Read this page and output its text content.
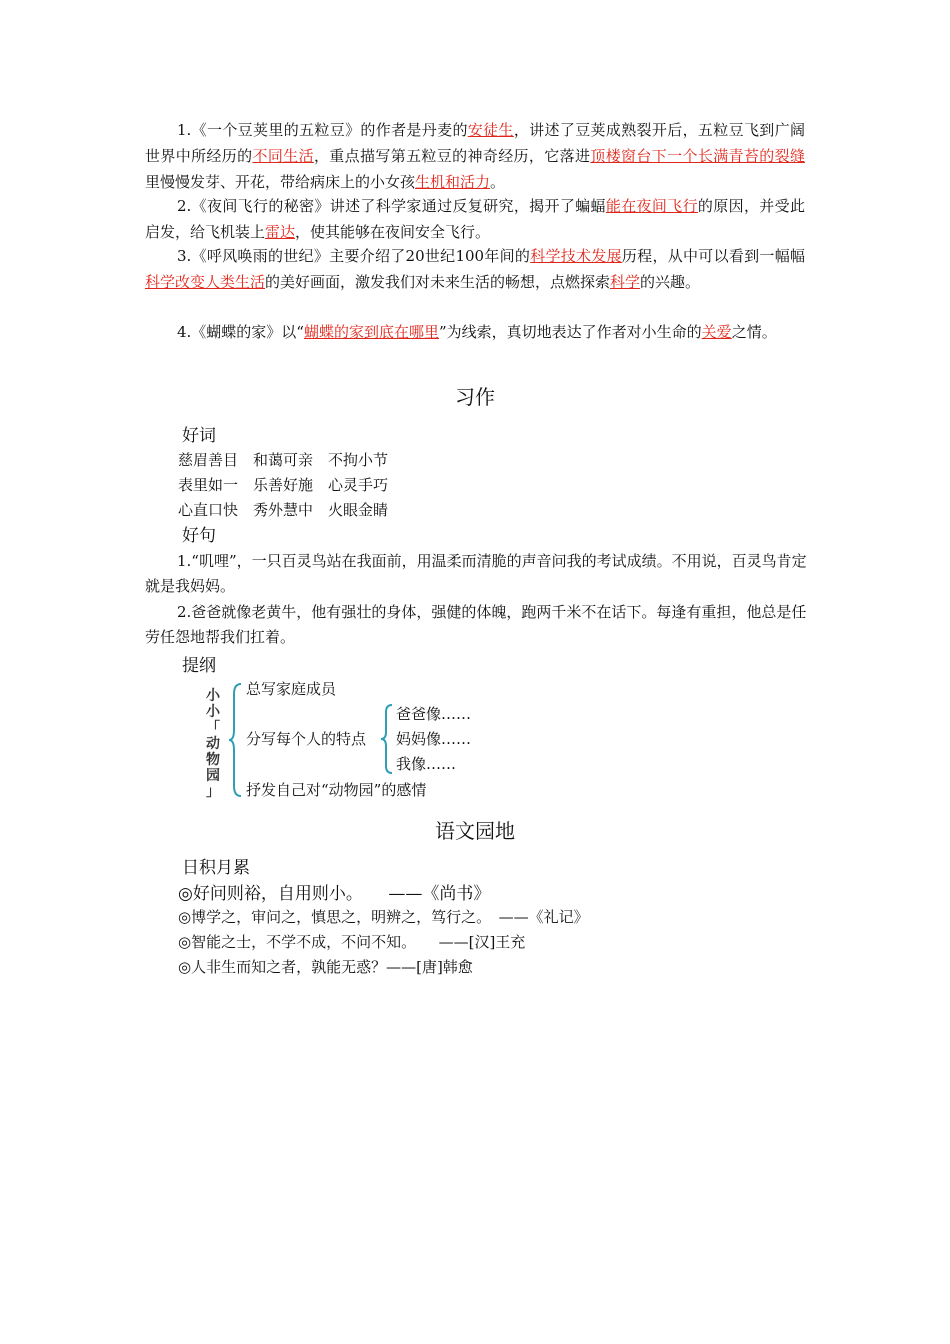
1.《一个豆荚里的五粒豆》的作者是丹麦的安徒生，讲述了豆荚成熟裂开后，五粒豆飞到广阔世界中所经历的不同生活，重点描写第五粒豆的神奇经历，它落进顶楼窗台下一个长满青苔的裂缝里慢慢发芽、开花，带给病床上的小女孩生机和活力。

2.《夜间飞行的秘密》讲述了科学家通过反复研究，揭开了蝙蝠能在夜间飞行的原因，并受此启发，给飞机装上雷达，使其能够在夜间安全飞行。

3.《呼风唤雨的世纪》主要介绍了20世纪100年间的科学技术发展历程，从中可以看到一幅幅科学改变人类生活的美好画面，激发我们对未来生活的畅想，点燃探索科学的兴趣。

4.《蝴蝶的家》以“蝴蝶的家到底在哪里”为线索，真切地表达了作者对小生命的关爱之情。

习作
好词

慈眉善目　和蔼可亲　不拘小节

表里如一　乐善好施　心灵手巧

心直口快　秀外慧中　火眼金睛

好句

1.“叽哩”，一只百灵鸟站在我面前，用温柔而清脆的声音问我的考试成绩。不用说，百灵鸟肯定就是我妈妈。

2.爸爸就像老黄牛，他有强壮的身体，强健的体魄，跑两千米不在话下。每逢有重担，他总是任劳任怨地帮我们扛着。

提纲
小
小
「
动
物
园
」
总写家庭成员
分写每个人的特点
爸爸像……
妈妈像……
我像……
抒发自己对“动物园”的感情
语文园地
日积月累

◎好问则裕，自用则小。　　——《尚书》

◎博学之，审问之，慎思之，明辨之，笃行之。　——《礼记》

◎智能之士，不学不成，不问不知。　　——[汉]王充

◎人非生而知之者，孰能无惑？——[唐]韩愈
